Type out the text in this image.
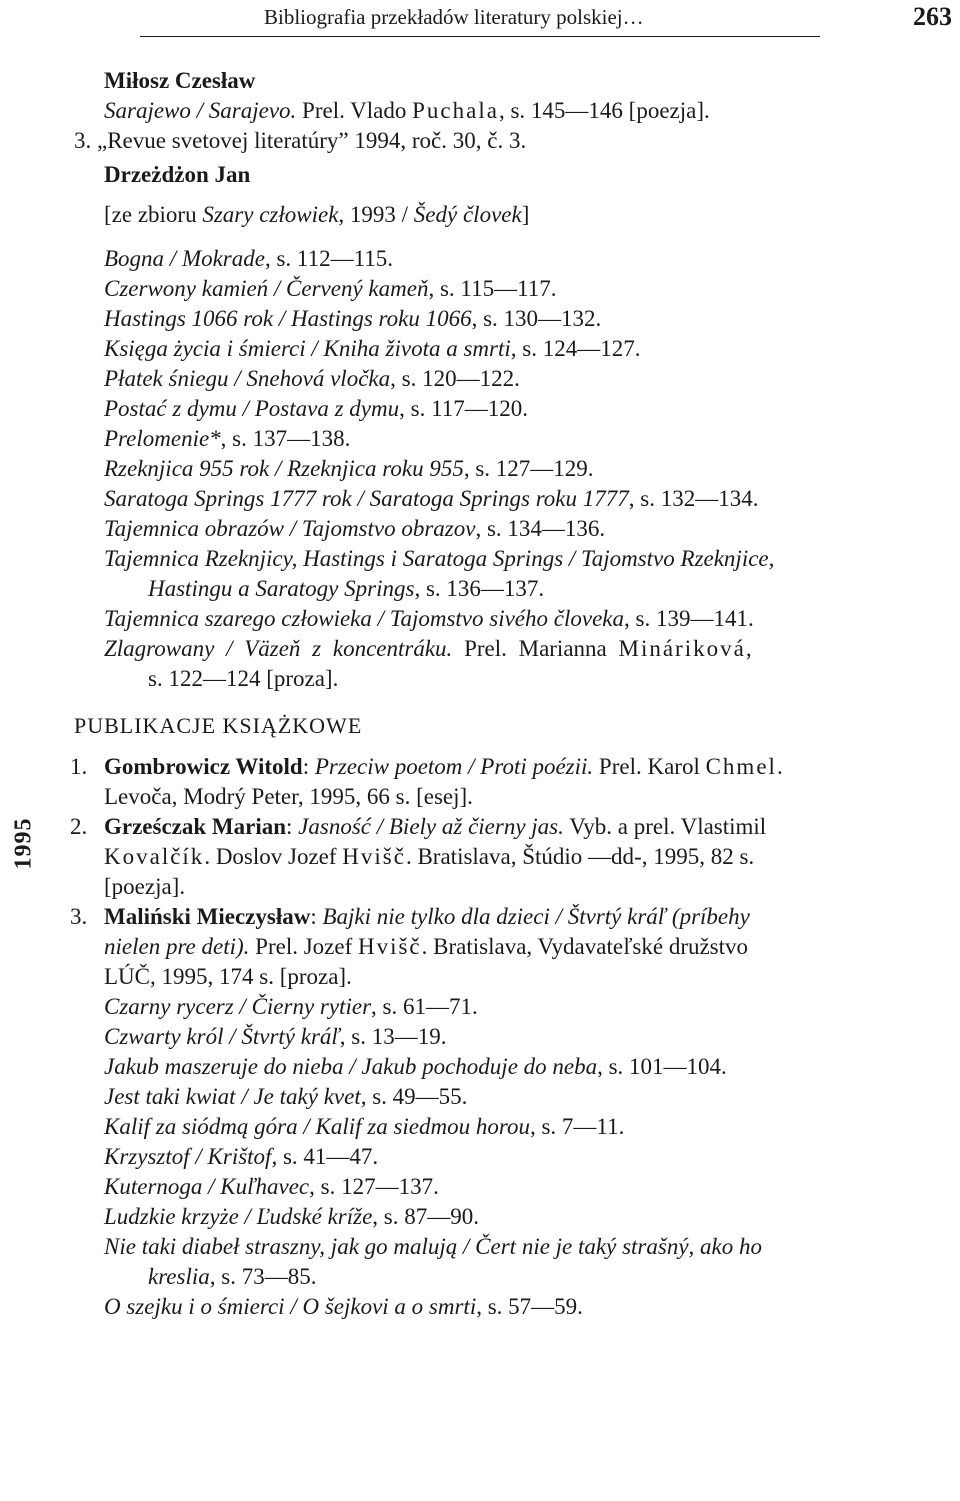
Bibliografia przekładów literatury polskiej…	263
1995
Miłosz Czesław
Sarajewo / Sarajevo. Prel. Vlado Puchala, s. 145—146 [poezja].
3. „Revue svetovej literatúry” 1994, roč. 30, č. 3.
Drzeżdżon Jan
[ze zbioru Szary człowiek, 1993 / Šedý človek]
Bogna / Mokrade, s. 112—115.
Czerwony kamień / Červený kameň, s. 115—117.
Hastings 1066 rok / Hastings roku 1066, s. 130—132.
Księga życia i śmierci / Kniha života a smrti, s. 124—127.
Płatek śniegu / Snehová vločka, s. 120—122.
Postać z dymu / Postava z dymu, s. 117—120.
Prelomenie*, s. 137—138.
Rzeknjica 955 rok / Rzeknjica roku 955, s. 127—129.
Saratoga Springs 1777 rok / Saratoga Springs roku 1777, s. 132—134.
Tajemnica obrazów / Tajomstvo obrazov, s. 134—136.
Tajemnica Rzeknjicy, Hastings i Saratoga Springs / Tajomstvo Rzeknjice,
Hastingu a Saratogy Springs, s. 136—137.
Tajemnica szarego człowieka / Tajomstvo sivého človeka, s. 139—141.
Zlagrowany / Väzeň z koncentráku. Prel. Marianna Mináriková,
s. 122—124 [proza].
PUBLIKACJE KSIĄŻKOWE
1. Gombrowicz Witold: Przeciw poetom / Proti poézii. Prel. Karol Chmel.
Levoča, Modrý Peter, 1995, 66 s. [esej].
2. Grześczak Marian: Jasność / Biely až čierny jas. Vyb. a prel. Vlastimil
Kovalčík. Doslov Jozef Hvišč. Bratislava, Štúdio —dd-, 1995, 82 s.
[poezja].
3. Maliński Mieczysław: Bajki nie tylko dla dzieci / Štvrtý kráľ (príbehy
nielen pre deti). Prel. Jozef Hvišč. Bratislava, Vydavateľské družstvo
LÚČ, 1995, 174 s. [proza].
Czarny rycerz / Čierny rytier, s. 61—71.
Czwarty król / Štvrtý kráľ, s. 13—19.
Jakub maszeruje do nieba / Jakub pochoduje do neba, s. 101—104.
Jest taki kwiat / Je taký kvet, s. 49—55.
Kalif za siódmą góra / Kalif za siedmou horou, s. 7—11.
Krzysztof / Krištof, s. 41—47.
Kuternoga / Kuľhavec, s. 127—137.
Ludzkie krzyże / Ľudské kríže, s. 87—90.
Nie taki diabeł straszny, jak go malują / Čert nie je taký strašný, ako ho
kreslia, s. 73—85.
O szejku i o śmierci / O šejkovi a o smrti, s. 57—59.
